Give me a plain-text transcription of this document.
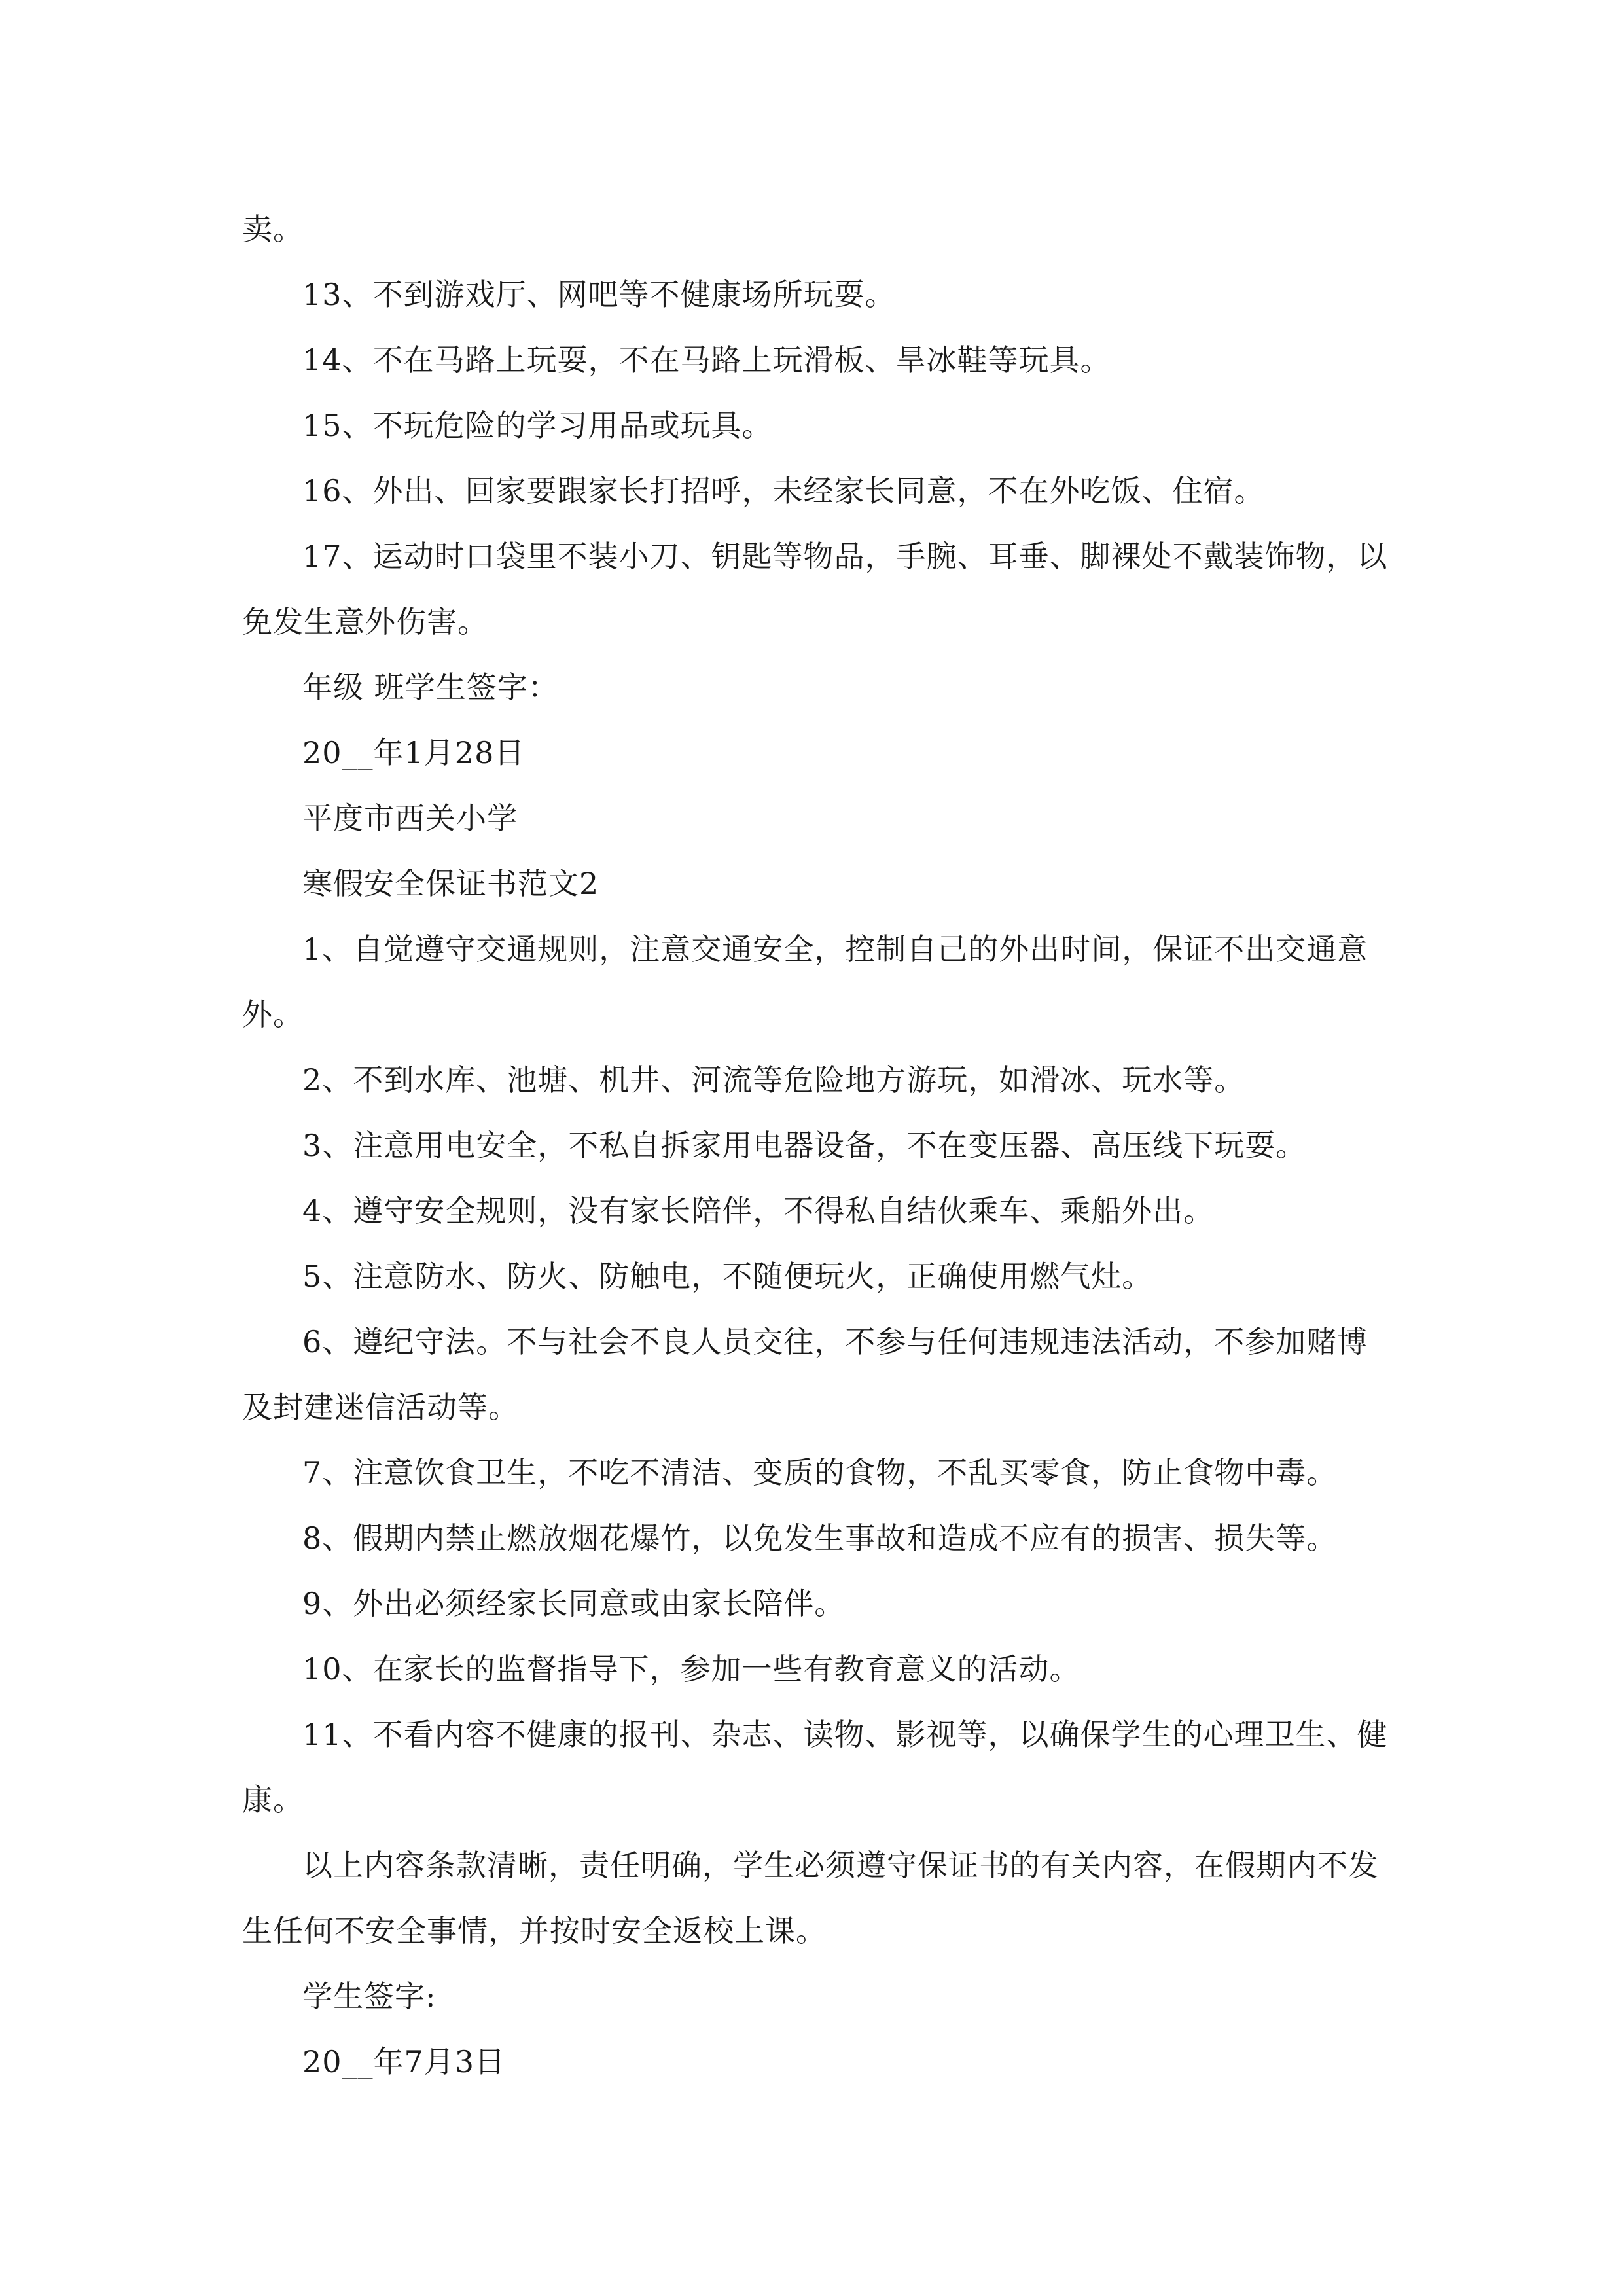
卖。

13、不到游戏厅、网吧等不健康场所玩耍。

14、不在马路上玩耍，不在马路上玩滑板、旱冰鞋等玩具。

15、不玩危险的学习用品或玩具。

16、外出、回家要跟家长打招呼，未经家长同意，不在外吃饭、住宿。

17、运动时口袋里不装小刀、钥匙等物品，手腕、耳垂、脚裸处不戴装饰物，以免发生意外伤害。

年级 班学生签字：

20__年1月28日

平度市西关小学

寒假安全保证书范文2

1、自觉遵守交通规则，注意交通安全，控制自己的外出时间，保证不出交通意外。

2、不到水库、池塘、机井、河流等危险地方游玩，如滑冰、玩水等。

3、注意用电安全，不私自拆家用电器设备，不在变压器、高压线下玩耍。

4、遵守安全规则，没有家长陪伴，不得私自结伙乘车、乘船外出。

5、注意防水、防火、防触电，不随便玩火，正确使用燃气灶。

6、遵纪守法。不与社会不良人员交往，不参与任何违规违法活动，不参加赌博及封建迷信活动等。

7、注意饮食卫生，不吃不清洁、变质的食物，不乱买零食，防止食物中毒。

8、假期内禁止燃放烟花爆竹，以免发生事故和造成不应有的损害、损失等。

9、外出必须经家长同意或由家长陪伴。

10、在家长的监督指导下，参加一些有教育意义的活动。

11、不看内容不健康的报刊、杂志、读物、影视等，以确保学生的心理卫生、健康。

以上内容条款清晰，责任明确，学生必须遵守保证书的有关内容，在假期内不发生任何不安全事情，并按时安全返校上课。

学生签字:

20__年7月3日
